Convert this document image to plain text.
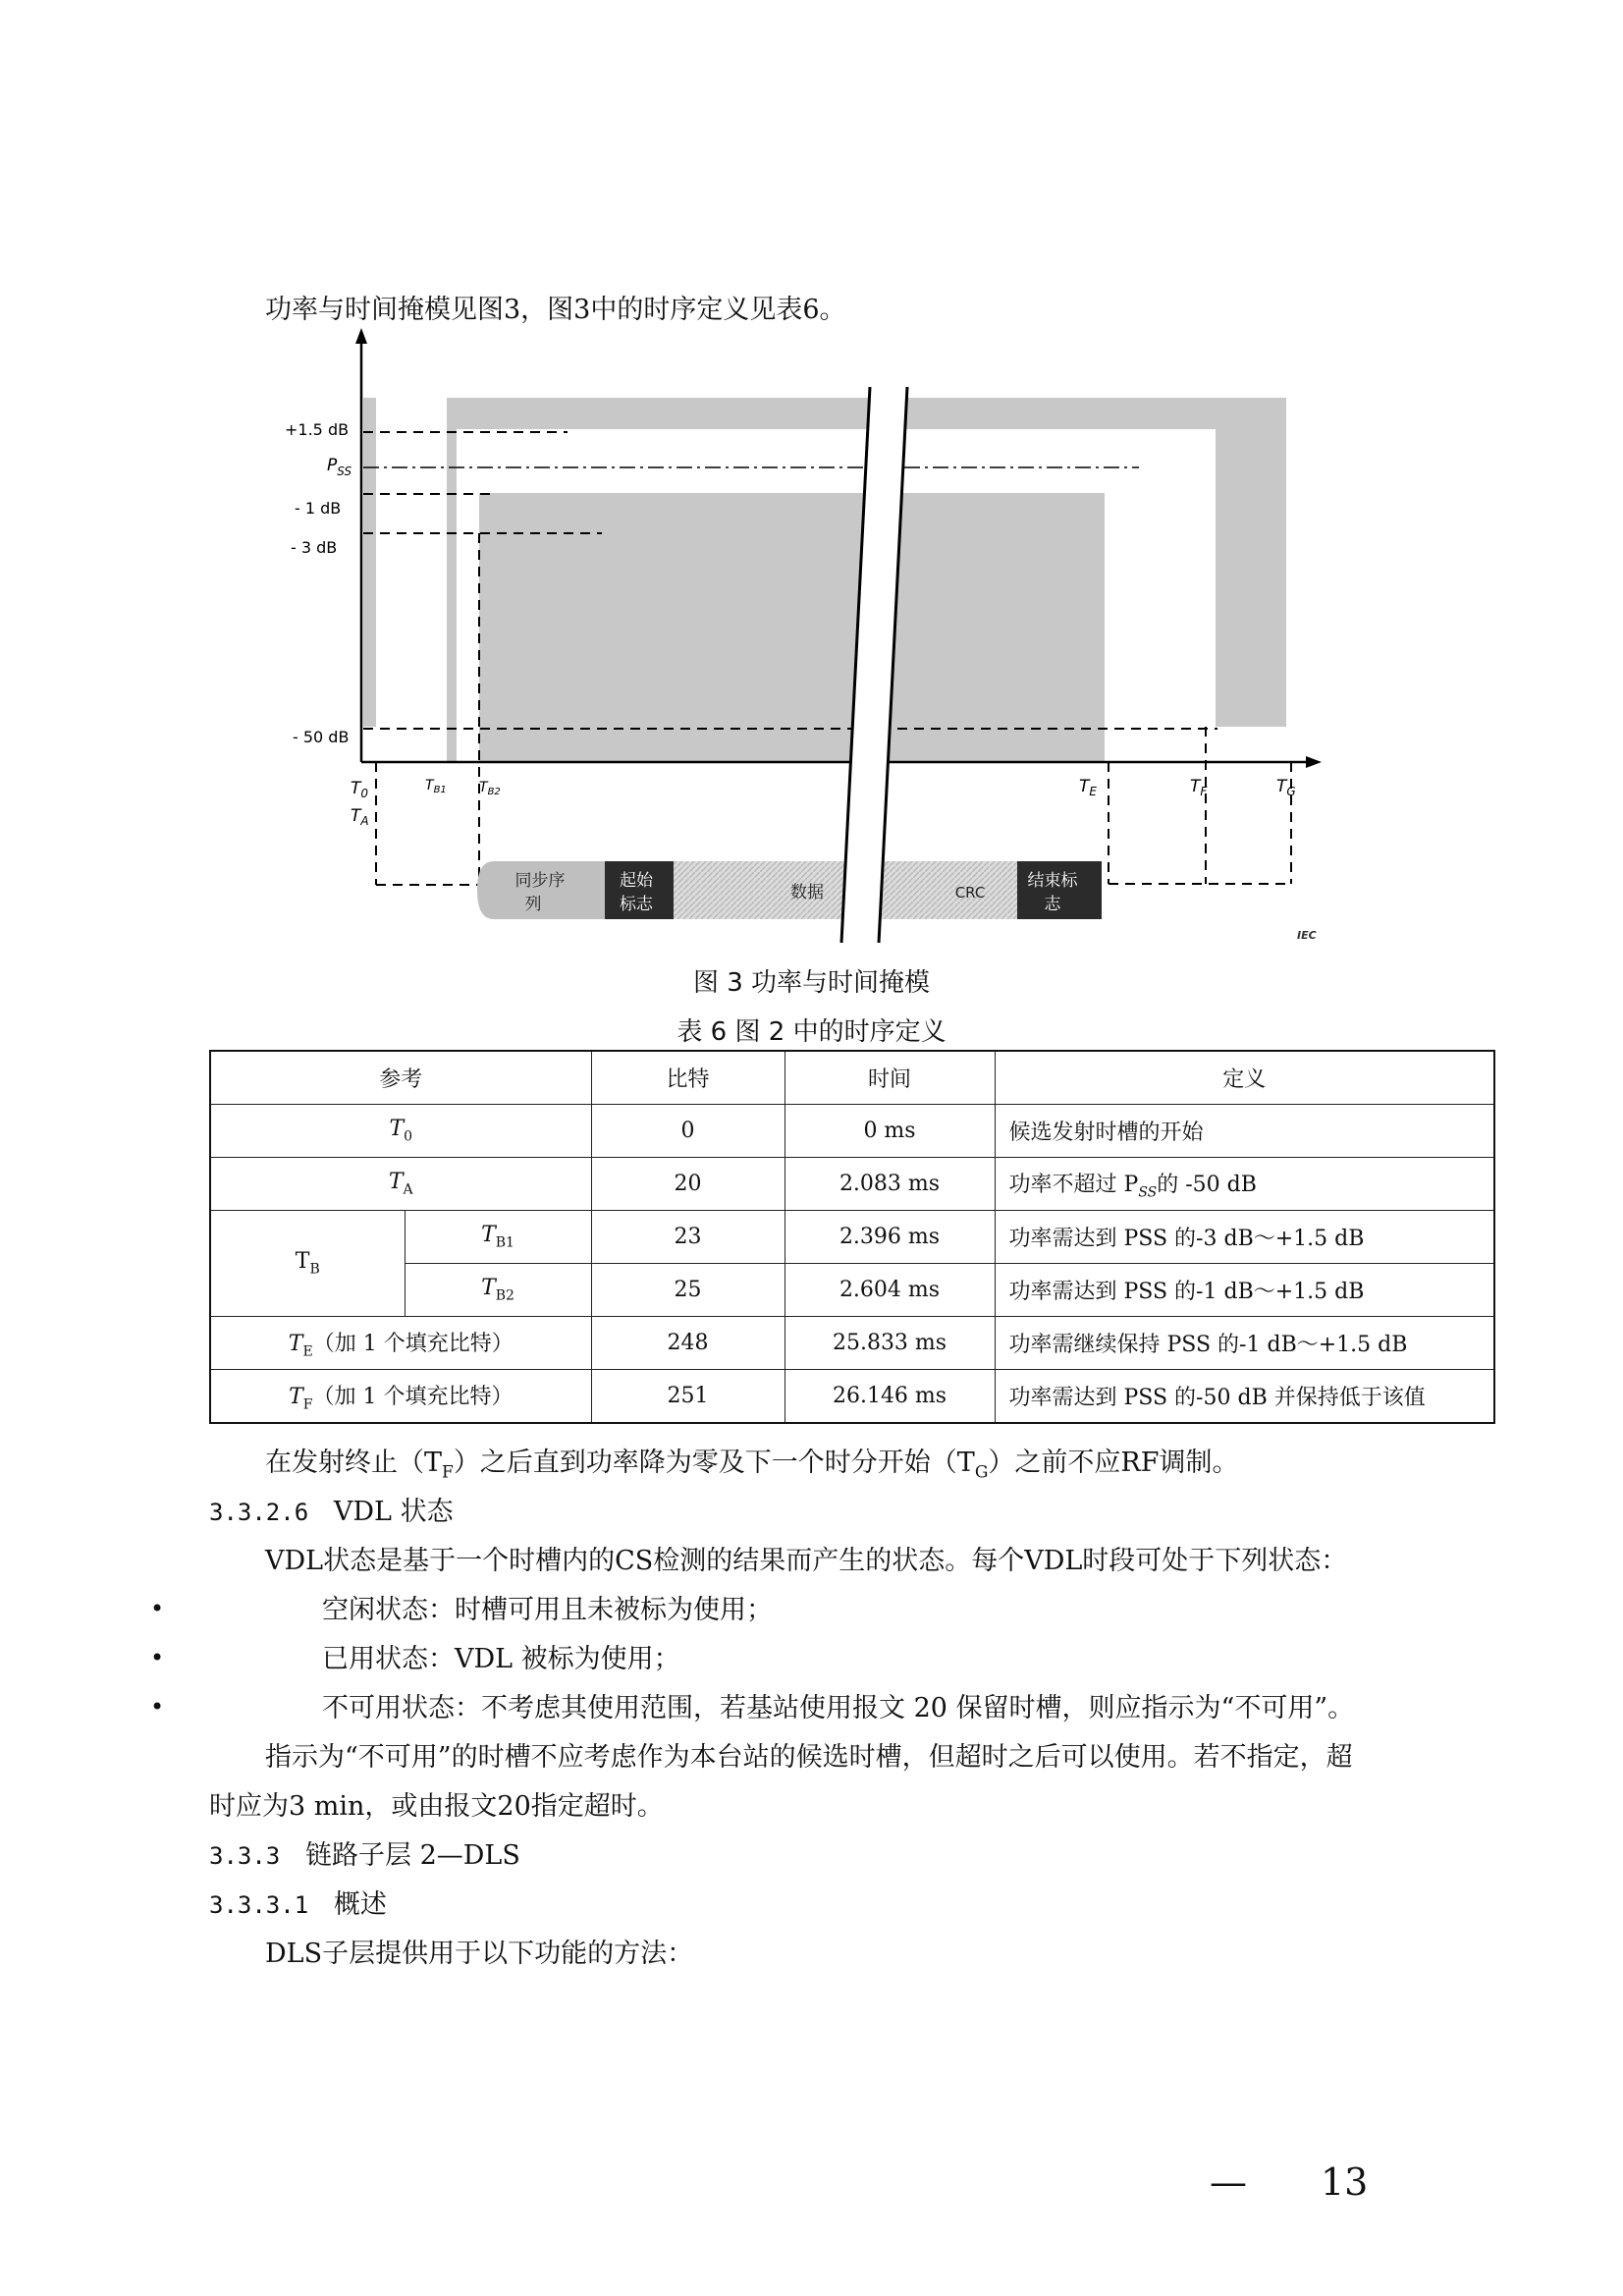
功率与时间掩模见图3，图3中的时序定义见表6。
+1.5 dB
$P_{SS}$
- 1 dB
- 3 dB
- 50 dB
$T_0$
$T_A$
$T_{B1}$ $T_{B2}$	$T_E$	$T_F$	$T_G$
同步序
列
起始
标志
数据	CRC
结束标
志
IEC
图 3 功率与时间掩模
表 6 图 2 中的时序定义
参考		比特	时间	定义
$T_0$		0	0 ms	候选发射时槽的开始
$T_A$		20	2.083 ms	功率不超过 $P_{SS}$的 -50 dB
$T_B$	$T_{B1}$	23	2.396 ms	功率需达到 PSS 的-3 dB～+1.5 dB
	$T_{B2}$	25	2.604 ms	功率需达到 PSS 的-1 dB～+1.5 dB
$T_E$（加 1 个填充比特）		248	25.833 ms	功率需继续保持 PSS 的-1 dB～+1.5 dB
$T_F$（加 1 个填充比特）		251	26.146 ms	功率需达到 PSS 的-50 dB 并保持低于该值
在发射终止$(T_F)$之后直到功率降为零及下一个时分开始$(T_G)$之前不应RF调制。
3.3.2.6 VDL 状态
VDL状态是基于一个时槽内的CS检测的结果而产生的状态。每个VDL时段可处于下列状态：
•	空闲状态：时槽可用且未被标为使用；
•	已用状态：VDL 被标为使用；
•	不可用状态：不考虑其使用范围，若基站使用报文 20 保留时槽，则应指示为“不可用”。
指示为“不可用”的时槽不应考虑作为本台站的候选时槽，但超时之后可以使用。若不指定，超
时应为3 min，或由报文20指定超时。
3.3.3 链路子层 2—DLS
3.3.3.1 概述
DLS子层提供用于以下功能的方法：
— 13
